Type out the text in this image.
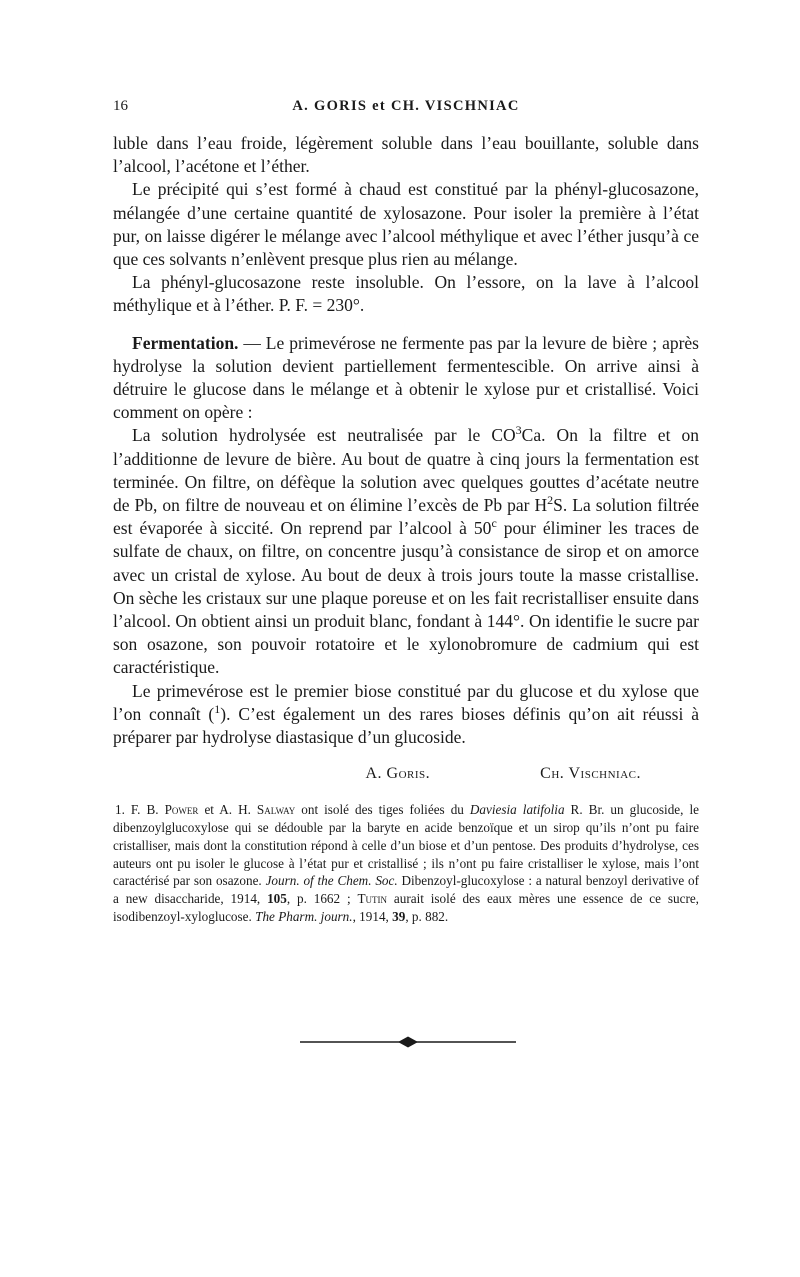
16	A. GORIS et CH. VISCHNIAC

luble dans l’eau froide, légèrement soluble dans l’eau bouillante, soluble dans l’alcool, l’acétone et l’éther.

Le précipité qui s’est formé à chaud est constitué par la phényl-glucosazone, mélangée d’une certaine quantité de xylosazone. Pour isoler la première à l’état pur, on laisse digérer le mélange avec l’alcool méthylique et avec l’éther jusqu’à ce que ces solvants n’enlèvent presque plus rien au mélange.

La phényl-glucosazone reste insoluble. On l’essore, on la lave à l’alcool méthylique et à l’éther. P. F. = 230°.

Fermentation. — Le primevérose ne fermente pas par la levure de bière ; après hydrolyse la solution devient partiellement fermentescible. On arrive ainsi à détruire le glucose dans le mélange et à obtenir le xylose pur et cristallisé. Voici comment on opère :

La solution hydrolysée est neutralisée par le $CO^3Ca$. On la filtre et on l’additionne de levure de bière. Au bout de quatre à cinq jours la fermentation est terminée. On filtre, on défèque la solution avec quelques gouttes d’acétate neutre de Pb, on filtre de nouveau et on élimine l’excès de Pb par $H^2S$. La solution filtrée est évaporée à siccité. On reprend par l’alcool à 50$^c$ pour éliminer les traces de sulfate de chaux, on filtre, on concentre jusqu’à consistance de sirop et on amorce avec un cristal de xylose. Au bout de deux à trois jours toute la masse cristallise. On sèche les cristaux sur une plaque poreuse et on les fait recristalliser ensuite dans l’alcool. On obtient ainsi un produit blanc, fondant à 144°. On identifie le sucre par son osazone, son pouvoir rotatoire et le xylonobromure de cadmium qui est caractéristique.

Le primevérose est le premier biose constitué par du glucose et du xylose que l’on connaît ($^1$). C’est également un des rares bioses définis qu’on ait réussi à préparer par hydrolyse diastasique d’un glucoside.

A. Goris.	Ch. Vischniac.

1. F. B. Power et A. H. Salway ont isolé des tiges foliées du Daviesia latifolia R. Br. un glucoside, le dibenzoylglucoxylose qui se dédouble par la baryte en acide benzoïque et un sirop qu’ils n’ont pu faire cristalliser, mais dont la constitution répond à celle d’un biose et d’un pentose. Des produits d’hydrolyse, ces auteurs ont pu isoler le glucose à l’état pur et cristallisé ; ils n’ont pu faire cristalliser le xylose, mais l’ont caractérisé par son osazone. Journ. of the Chem. Soc. Dibenzoyl-glucoxylose : a natural benzoyl derivative of a new disaccharide, 1914, 105, p. 1662 ; Tutin aurait isolé des eaux mères une essence de ce sucre, isodibenzoyl-xyloglucose. The Pharm. journ., 1914, 39, p. 882.
